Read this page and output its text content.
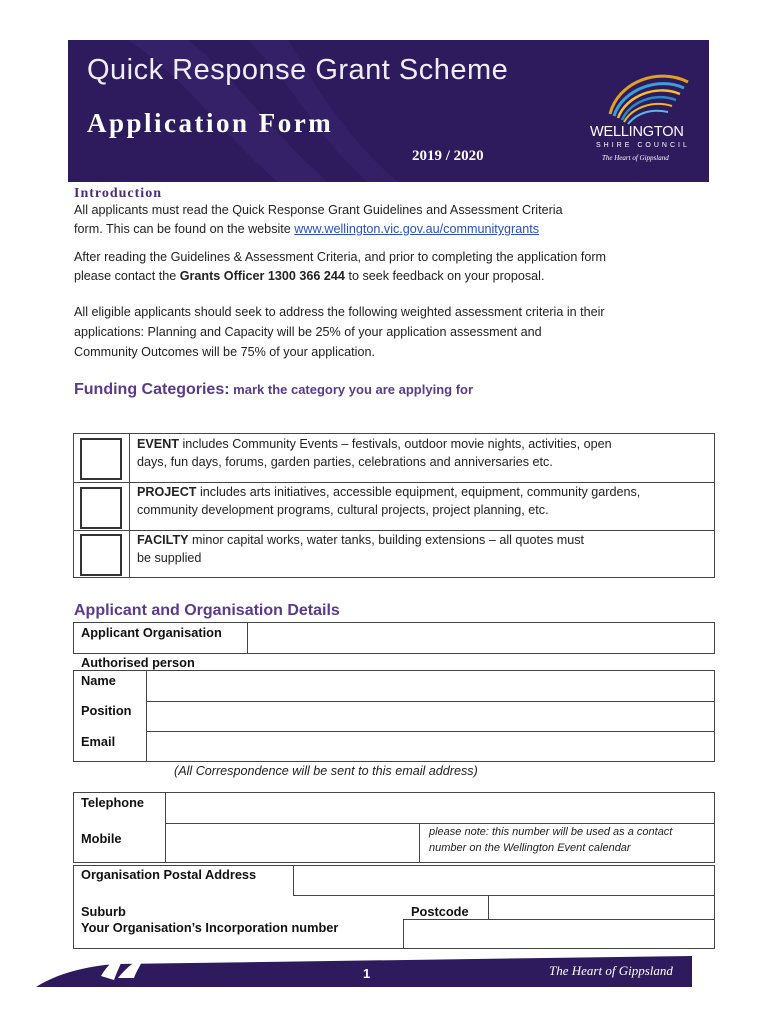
Quick Response Grant Scheme
Application Form
2019 / 2020
WELLINGTON
SHIRE COUNCIL
The Heart of Gippsland
Introduction
All applicants must read the Quick Response Grant Guidelines and Assessment Criteria
form. This can be found on the website www.wellington.vic.gov.au/communitygrants
After reading the Guidelines & Assessment Criteria, and prior to completing the application form
please contact the Grants Officer 1300 366 244 to seek feedback on your proposal.
All eligible applicants should seek to address the following weighted assessment criteria in their
applications: Planning and Capacity will be 25% of your application assessment and
Community Outcomes will be 75% of your application.
Funding Categories: mark the category you are applying for
EVENT includes Community Events – festivals, outdoor movie nights, activities, open
days, fun days, forums, garden parties, celebrations and anniversaries etc.
PROJECT includes arts initiatives, accessible equipment, equipment, community gardens,
community development programs, cultural projects, project planning, etc.
FACILTY minor capital works, water tanks, building extensions – all quotes must
be supplied
Applicant and Organisation Details
Applicant Organisation
Authorised person
Name
Position
Email
(All Correspondence will be sent to this email address)
Telephone
Mobile	please note: this number will be used as a contact
number on the Wellington Event calendar
Organisation Postal Address
Suburb	Postcode
Your Organisation’s Incorporation number
1	The Heart of Gippsland
